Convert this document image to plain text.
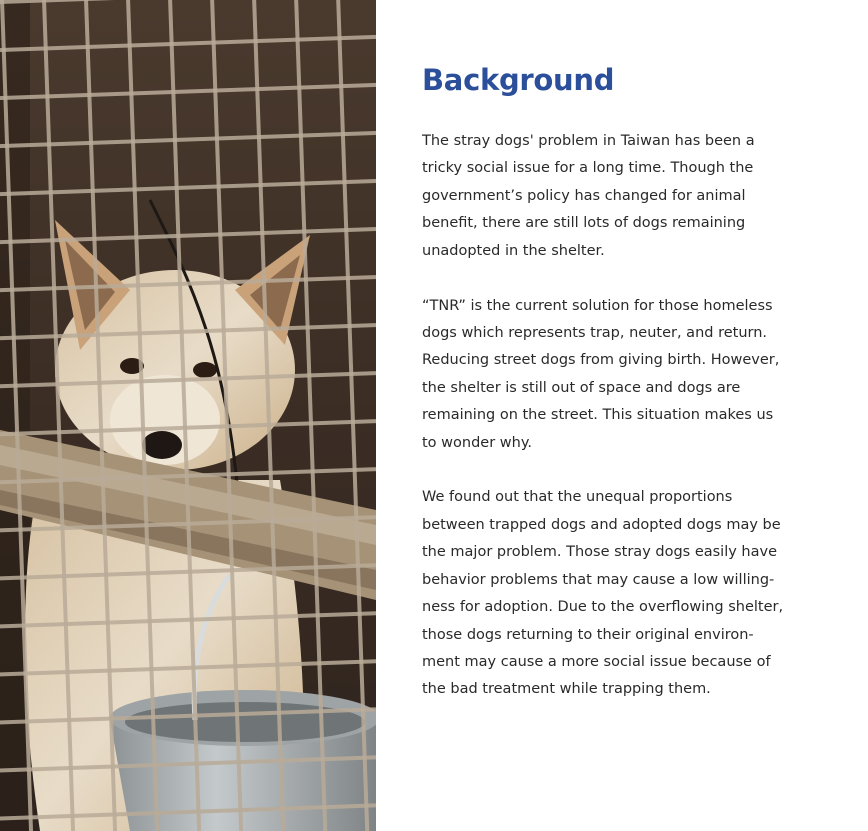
Background

The stray dogs' problem in Taiwan has been a
tricky social issue for a long time. Though the
government’s policy has changed for animal
benefit, there are still lots of dogs remaining
unadopted in the shelter.

“TNR” is the current solution for those homeless
dogs which represents trap, neuter, and return.
Reducing street dogs from giving birth. However,
the shelter is still out of space and dogs are
remaining on the street. This situation makes us
to wonder why.

We found out that the unequal proportions
between trapped dogs and adopted dogs may be
the major problem. Those stray dogs easily have
behavior problems that may cause a low willing-
ness for adoption. Due to the overflowing shelter,
those dogs returning to their original environ-
ment may cause a more social issue because of
the bad treatment while trapping them.
